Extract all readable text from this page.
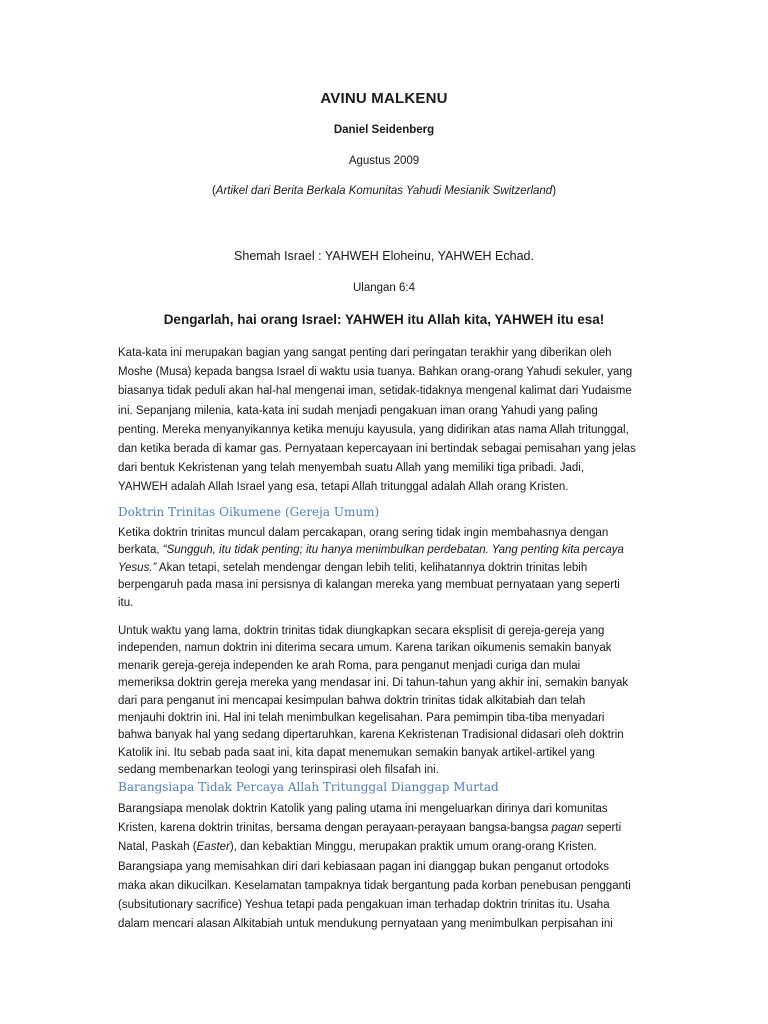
AVINU MALKENU
Daniel Seidenberg
Agustus 2009
(Artikel dari Berita Berkala Komunitas Yahudi Mesianik Switzerland)
Shemah Israel : YAHWEH Eloheinu, YAHWEH Echad.
Ulangan 6:4
Dengarlah, hai orang Israel: YAHWEH itu Allah kita, YAHWEH itu esa!
Kata-kata ini merupakan bagian yang sangat penting dari peringatan terakhir yang diberikan oleh
Moshe (Musa) kepada bangsa Israel di waktu usia tuanya. Bahkan orang-orang Yahudi sekuler, yang
biasanya tidak peduli akan hal-hal mengenai iman, setidak-tidaknya mengenal kalimat dari Yudaisme
ini. Sepanjang milenia, kata-kata ini sudah menjadi pengakuan iman orang Yahudi yang paling
penting. Mereka menyanyikannya ketika menuju kayusula, yang didirikan atas nama Allah tritunggal,
dan ketika berada di kamar gas. Pernyataan kepercayaan ini bertindak sebagai pemisahan yang jelas
dari bentuk Kekristenan yang telah menyembah suatu Allah yang memiliki tiga pribadi. Jadi,
YAHWEH adalah Allah Israel yang esa, tetapi Allah tritunggal adalah Allah orang Kristen.
Doktrin Trinitas Oikumene (Gereja Umum)
Ketika doktrin trinitas muncul dalam percakapan, orang sering tidak ingin membahasnya dengan
berkata, “Sungguh, itu tidak penting; itu hanya menimbulkan perdebatan. Yang penting kita percaya
Yesus.” Akan tetapi, setelah mendengar dengan lebih teliti, kelihatannya doktrin trinitas lebih
berpengaruh pada masa ini persisnya di kalangan mereka yang membuat pernyataan yang seperti
itu.
Untuk waktu yang lama, doktrin trinitas tidak diungkapkan secara eksplisit di gereja-gereja yang
independen, namun doktrin ini diterima secara umum. Karena tarikan oikumenis semakin banyak
menarik gereja-gereja independen ke arah Roma, para penganut menjadi curiga dan mulai
memeriksa doktrin gereja mereka yang mendasar ini. Di tahun-tahun yang akhir ini, semakin banyak
dari para penganut ini mencapai kesimpulan bahwa doktrin trinitas tidak alkitabiah dan telah
menjauhi doktrin ini. Hal ini telah menimbulkan kegelisahan. Para pemimpin tiba-tiba menyadari
bahwa banyak hal yang sedang dipertaruhkan, karena Kekristenan Tradisional didasari oleh doktrin
Katolik ini. Itu sebab pada saat ini, kita dapat menemukan semakin banyak artikel-artikel yang
sedang membenarkan teologi yang terinspirasi oleh filsafah ini.
Barangsiapa Tidak Percaya Allah Tritunggal Dianggap Murtad
Barangsiapa menolak doktrin Katolik yang paling utama ini mengeluarkan dirinya dari komunitas
Kristen, karena doktrin trinitas, bersama dengan perayaan-perayaan bangsa-bangsa pagan seperti
Natal, Paskah (Easter), dan kebaktian Minggu, merupakan praktik umum orang-orang Kristen.
Barangsiapa yang memisahkan diri dari kebiasaan pagan ini dianggap bukan penganut ortodoks
maka akan dikucilkan. Keselamatan tampaknya tidak bergantung pada korban penebusan pengganti
(subsitutionary sacrifice) Yeshua tetapi pada pengakuan iman terhadap doktrin trinitas itu. Usaha
dalam mencari alasan Alkitabiah untuk mendukung pernyataan yang menimbulkan perpisahan ini
